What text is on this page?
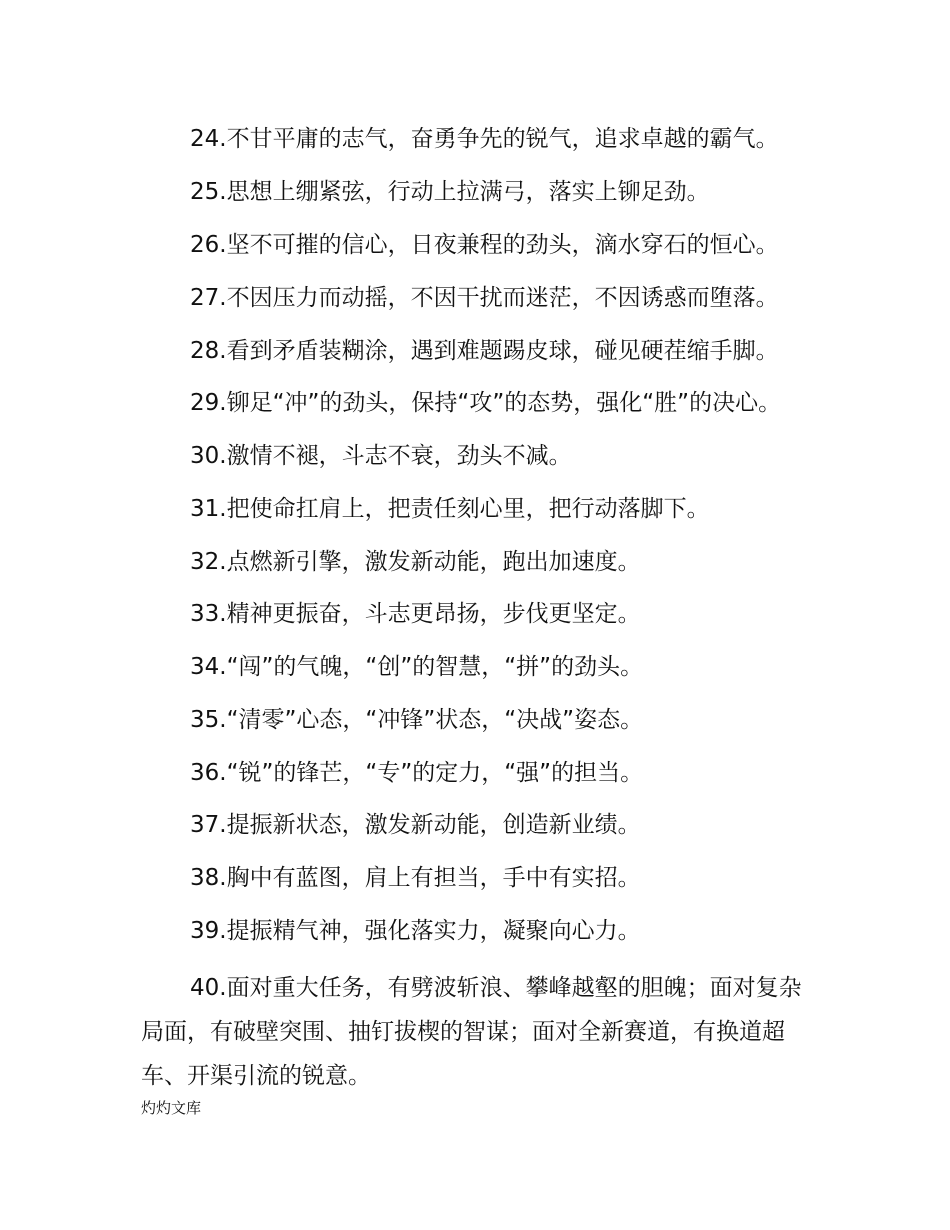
24.不甘平庸的志气，奋勇争先的锐气，追求卓越的霸气。
25.思想上绷紧弦，行动上拉满弓，落实上铆足劲。
26.坚不可摧的信心，日夜兼程的劲头，滴水穿石的恒心。
27.不因压力而动摇，不因干扰而迷茫，不因诱惑而堕落。
28.看到矛盾装糊涂，遇到难题踢皮球，碰见硬茬缩手脚。
29.铆足“冲”的劲头，保持“攻”的态势，强化“胜”的决心。
30.激情不褪，斗志不衰，劲头不减。
31.把使命扛肩上，把责任刻心里，把行动落脚下。
32.点燃新引擎，激发新动能，跑出加速度。
33.精神更振奋，斗志更昂扬，步伐更坚定。
34.“闯”的气魄，“创”的智慧，“拼”的劲头。
35.“清零”心态，“冲锋”状态，“决战”姿态。
36.“锐”的锋芒，“专”的定力，“强”的担当。
37.提振新状态，激发新动能，创造新业绩。
38.胸中有蓝图，肩上有担当，手中有实招。
39.提振精气神，强化落实力，凝聚向心力。
40.面对重大任务，有劈波斩浪、攀峰越壑的胆魄；面对复杂局面，有破壁突围、抽钉拔楔的智谋；面对全新赛道，有换道超车、开渠引流的锐意。
灼灼文库
